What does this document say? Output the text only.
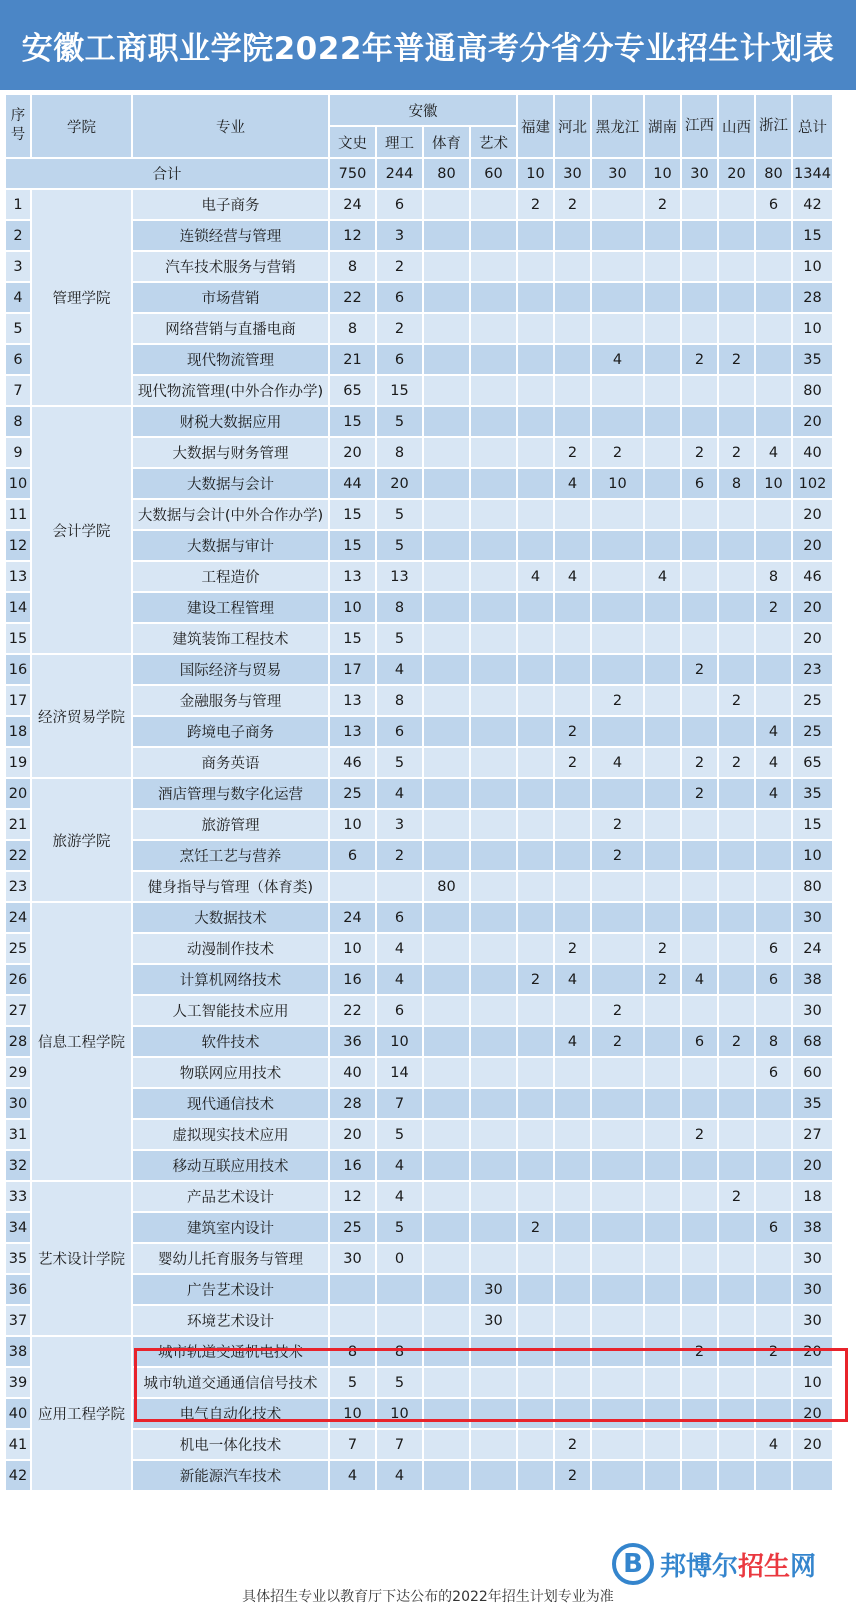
安徽工商职业学院2022年普通高考分省分专业招生计划表
序号	学院	专业	安徽				福建	河北	黑龙江	湖南	江西	山西	浙江	总计
			文史	理工	体育	艺术								
合计			750	244	80	60	10	30	30	10	30	20	80	1344
1	管理学院	电子商务	24	6			2	2		2			6	42
2		连锁经营与管理	12	3										15
3		汽车技术服务与营销	8	2										10
4		市场营销	22	6										28
5		网络营销与直播电商	8	2										10
6		现代物流管理	21	6					4		2	2		35
7		现代物流管理(中外合作办学)	65	15										80
8	会计学院	财税大数据应用	15	5										20
9		大数据与财务管理	20	8				2	2		2	2	4	40
10		大数据与会计	44	20				4	10		6	8	10	102
11		大数据与会计(中外合作办学)	15	5										20
12		大数据与审计	15	5										20
13		工程造价	13	13			4	4		4			8	46
14		建设工程管理	10	8									2	20
15		建筑装饰工程技术	15	5										20
16	经济贸易学院	国际经济与贸易	17	4							2			23
17		金融服务与管理	13	8					2			2		25
18		跨境电子商务	13	6				2					4	25
19		商务英语	46	5				2	4		2	2	4	65
20	旅游学院	酒店管理与数字化运营	25	4							2		4	35
21		旅游管理	10	3					2					15
22		烹饪工艺与营养	6	2					2					10
23		健身指导与管理（体育类)			80									80
24	信息工程学院	大数据技术	24	6										30
25		动漫制作技术	10	4				2		2			6	24
26		计算机网络技术	16	4			2	4		2	4		6	38
27		人工智能技术应用	22	6					2					30
28		软件技术	36	10				4	2		6	2	8	68
29		物联网应用技术	40	14									6	60
30		现代通信技术	28	7										35
31		虚拟现实技术应用	20	5							2			27
32		移动互联应用技术	16	4										20
33	艺术设计学院	产品艺术设计	12	4								2		18
34		建筑室内设计	25	5			2						6	38
35		婴幼儿托育服务与管理	30	0										30
36		广告艺术设计				30								30
37		环境艺术设计				30								30
38	应用工程学院	城市轨道交通机电技术	8	8							2		2	20
39		城市轨道交通通信信号技术	5	5										10
40		电气自动化技术	10	10										20
41		机电一体化技术	7	7				2					4	20
42		新能源汽车技术	4	4				2						
具体招生专业以教育厅下达公布的2022年招生计划专业为准
B 邦博尔招生网
